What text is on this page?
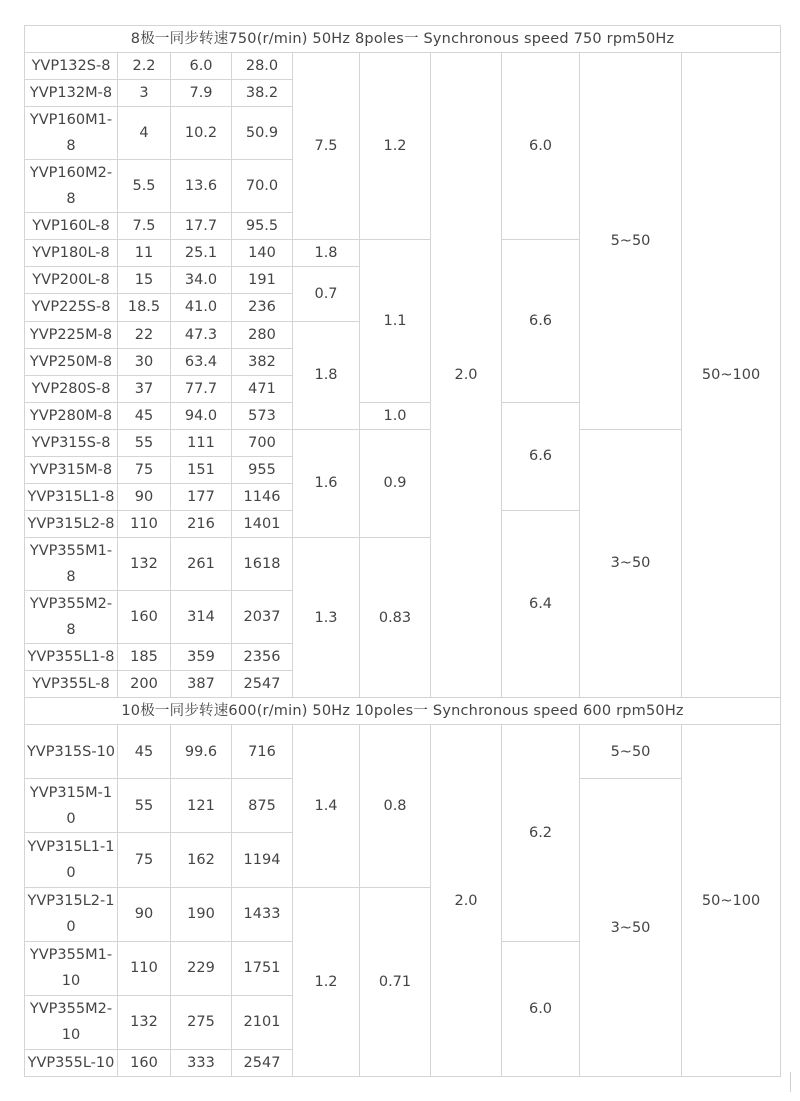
8极一同步转速750(r/min) 50Hz 8poles一 Synchronous speed 750 rpm50Hz									
YVP132S-8	2.2	6.0	28.0	7.5	1.2	2.0	6.0	5~50	50~100
YVP132M-8	3	7.9	38.2						
YVP160M1-8	4	10.2	50.9						
YVP160M2-8	5.5	13.6	70.0						
YVP160L-8	7.5	17.7	95.5						
YVP180L-8	11	25.1	140	1.8	1.1		6.6		
YVP200L-8	15	34.0	191	0.7					
YVP225S-8	18.5	41.0	236						
YVP225M-8	22	47.3	280	1.8					
YVP250M-8	30	63.4	382						
YVP280S-8	37	77.7	471						
YVP280M-8	45	94.0	573		1.0		6.6		
YVP315S-8	55	111	700	1.6	0.9			3~50	
YVP315M-8	75	151	955						
YVP315L1-8	90	177	1146						
YVP315L2-8	110	216	1401				6.4		
YVP355M1-8	132	261	1618	1.3	0.83				
YVP355M2-8	160	314	2037						
YVP355L1-8	185	359	2356						
YVP355L-8	200	387	2547						
10极一同步转速600(r/min) 50Hz 10poles一 Synchronous speed 600 rpm50Hz									
YVP315S-10	45	99.6	716	1.4	0.8	2.0	6.2	5~50	50~100
YVP315M-10	55	121	875					3~50	
YVP315L1-10	75	162	1194						
YVP315L2-10	90	190	1433	1.2	0.71				
YVP355M1-10	110	229	1751				6.0		
YVP355M2-10	132	275	2101						
YVP355L-10	160	333	2547						
